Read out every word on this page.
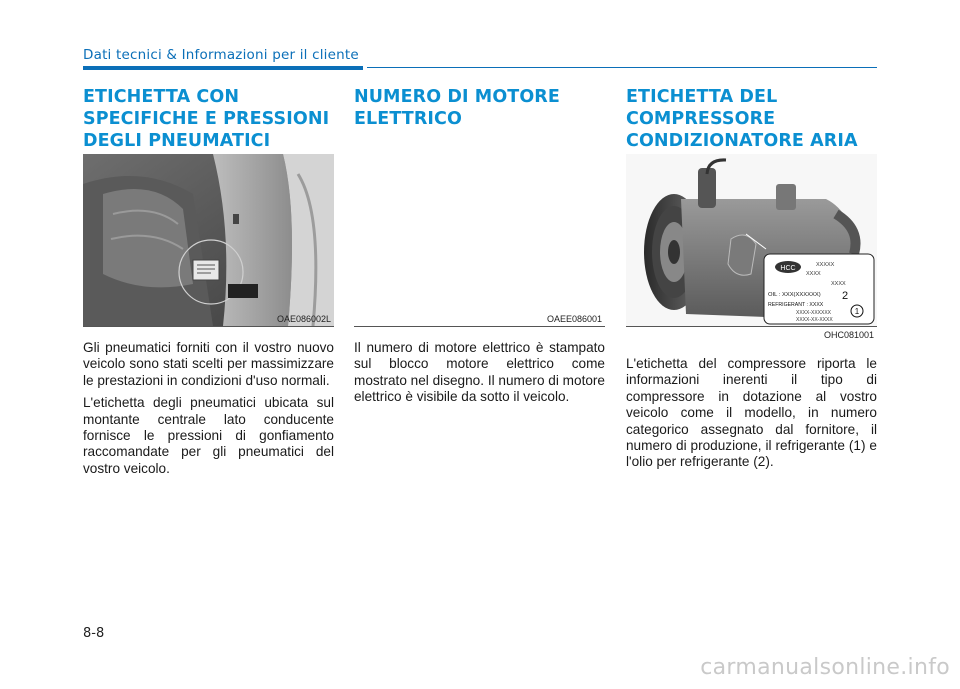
Dati tecnici & Informazioni per il cliente
ETICHETTA CON SPECIFICHE E PRESSIONI DEGLI PNEUMATICI
OAE086002L

Gli pneumatici forniti con il vostro nuovo veicolo sono stati scelti per massimizzare le prestazioni in condizioni d'uso normali.

L'etichetta degli pneumatici ubicata sul montante centrale lato conducente fornisce le pressioni di gonfiamento raccomandate per gli pneumatici del vostro veicolo.

NUMERO DI MOTORE ELETTRICO
OAEE086001

Il numero di motore elettrico è stampato sul blocco motore elettrico come mostrato nel disegno. Il numero di motore elettrico è visibile da sotto il veicolo.

ETICHETTA DEL COMPRESSORE CONDIZIONATORE ARIA
HCC	XXXXX
XXXX
XXXX
OIL : XXX(XXXXXX) 2
REFRIGERANT : XXXX
XXXX-XXXXXX
XXXX-XX-XXXX
1
OHC081001

L'etichetta del compressore riporta le informazioni inerenti il tipo di compressore in dotazione al vostro veicolo come il modello, in numero categorico assegnato dal fornitore, il numero di produzione, il refrigerante (1) e l'olio per refrigerante (2).

8-8
carmanualsonline.info
